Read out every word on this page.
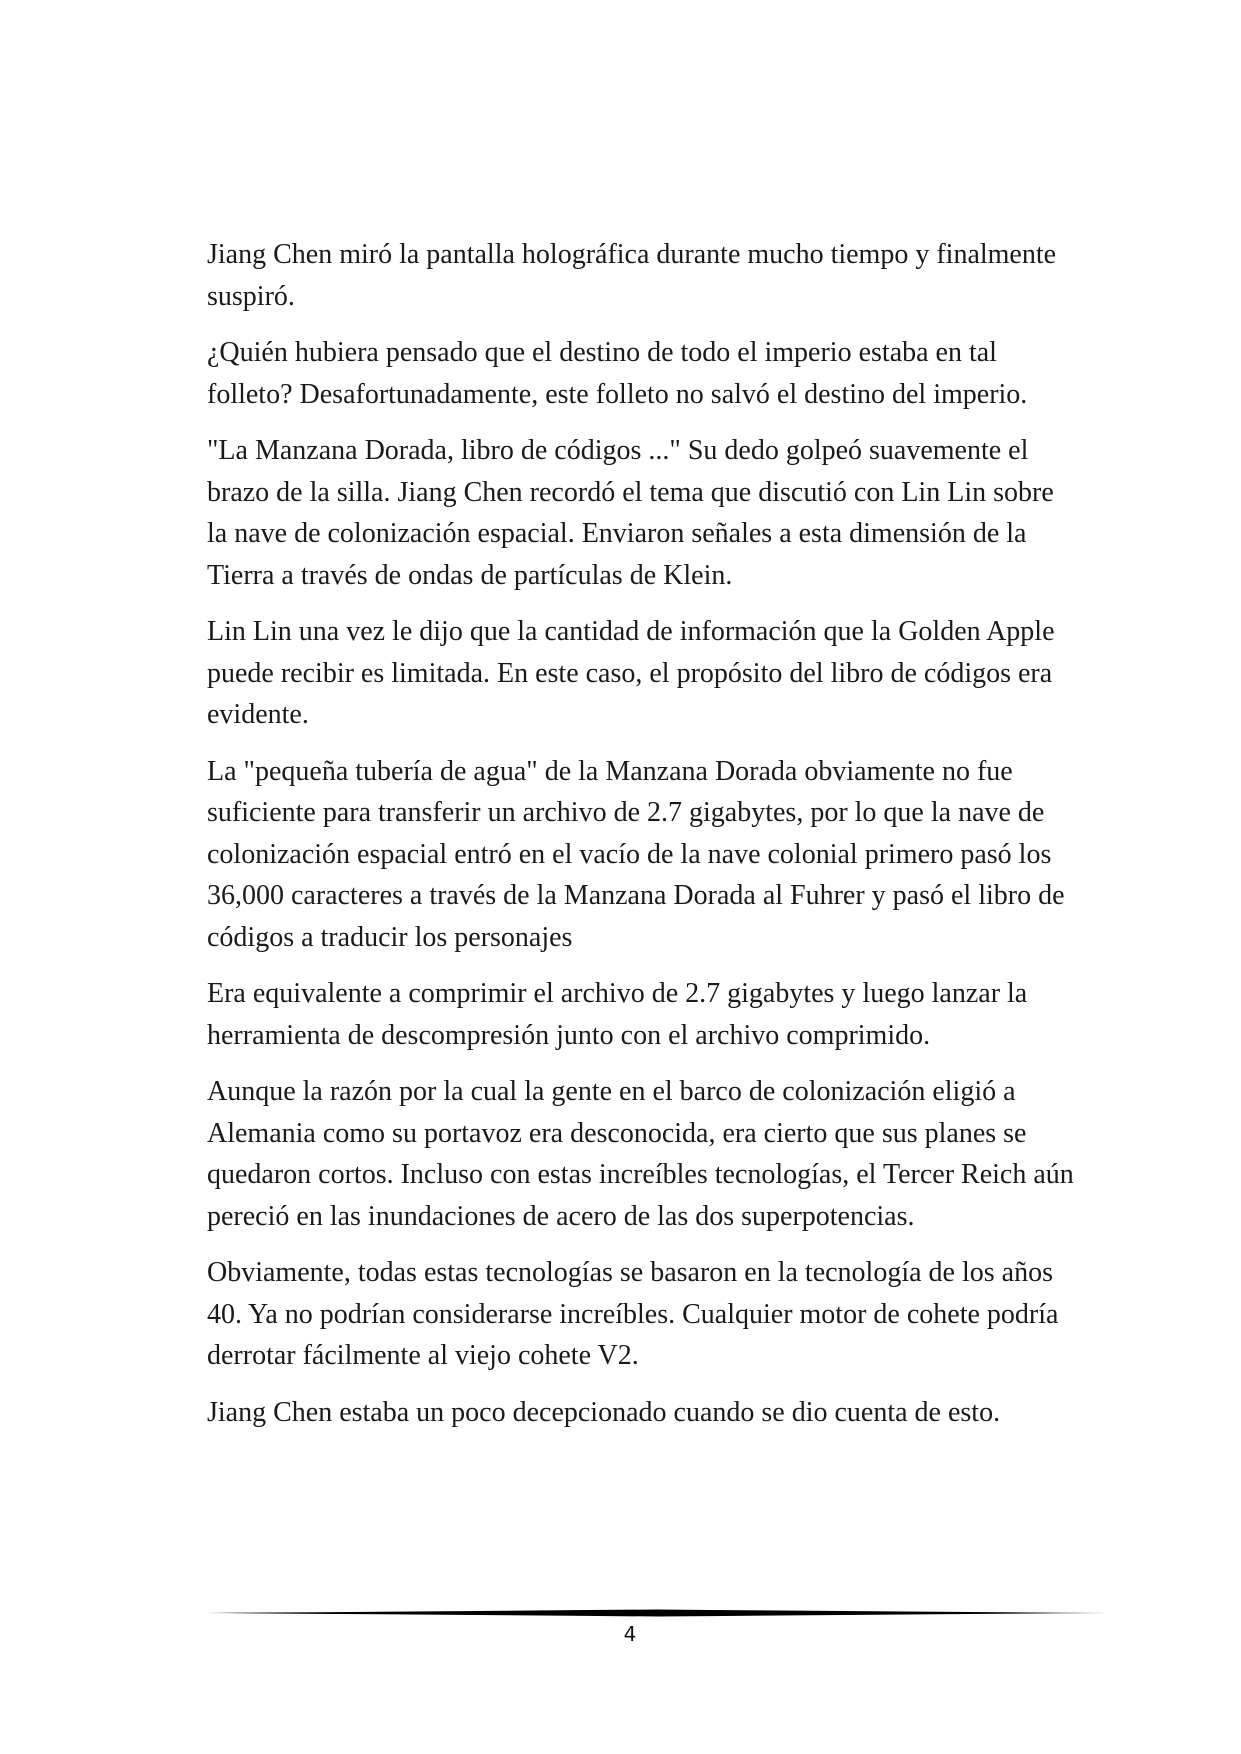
Jiang Chen miró la pantalla holográfica durante mucho tiempo y finalmente suspiró.

¿Quién hubiera pensado que el destino de todo el imperio estaba en tal folleto? Desafortunadamente, este folleto no salvó el destino del imperio.

"La Manzana Dorada, libro de códigos ..." Su dedo golpeó suavemente el brazo de la silla. Jiang Chen recordó el tema que discutió con Lin Lin sobre la nave de colonización espacial. Enviaron señales a esta dimensión de la Tierra a través de ondas de partículas de Klein.

Lin Lin una vez le dijo que la cantidad de información que la Golden Apple puede recibir es limitada. En este caso, el propósito del libro de códigos era evidente.

La "pequeña tubería de agua" de la Manzana Dorada obviamente no fue suficiente para transferir un archivo de 2.7 gigabytes, por lo que la nave de colonización espacial entró en el vacío de la nave colonial primero pasó los 36,000 caracteres a través de la Manzana Dorada al Fuhrer y pasó el libro de códigos a traducir los personajes

Era equivalente a comprimir el archivo de 2.7 gigabytes y luego lanzar la herramienta de descompresión junto con el archivo comprimido.

Aunque la razón por la cual la gente en el barco de colonización eligió a Alemania como su portavoz era desconocida, era cierto que sus planes se quedaron cortos. Incluso con estas increíbles tecnologías, el Tercer Reich aún pereció en las inundaciones de acero de las dos superpotencias.

Obviamente, todas estas tecnologías se basaron en la tecnología de los años 40. Ya no podrían considerarse increíbles. Cualquier motor de cohete podría derrotar fácilmente al viejo cohete V2.

Jiang Chen estaba un poco decepcionado cuando se dio cuenta de esto.

4
